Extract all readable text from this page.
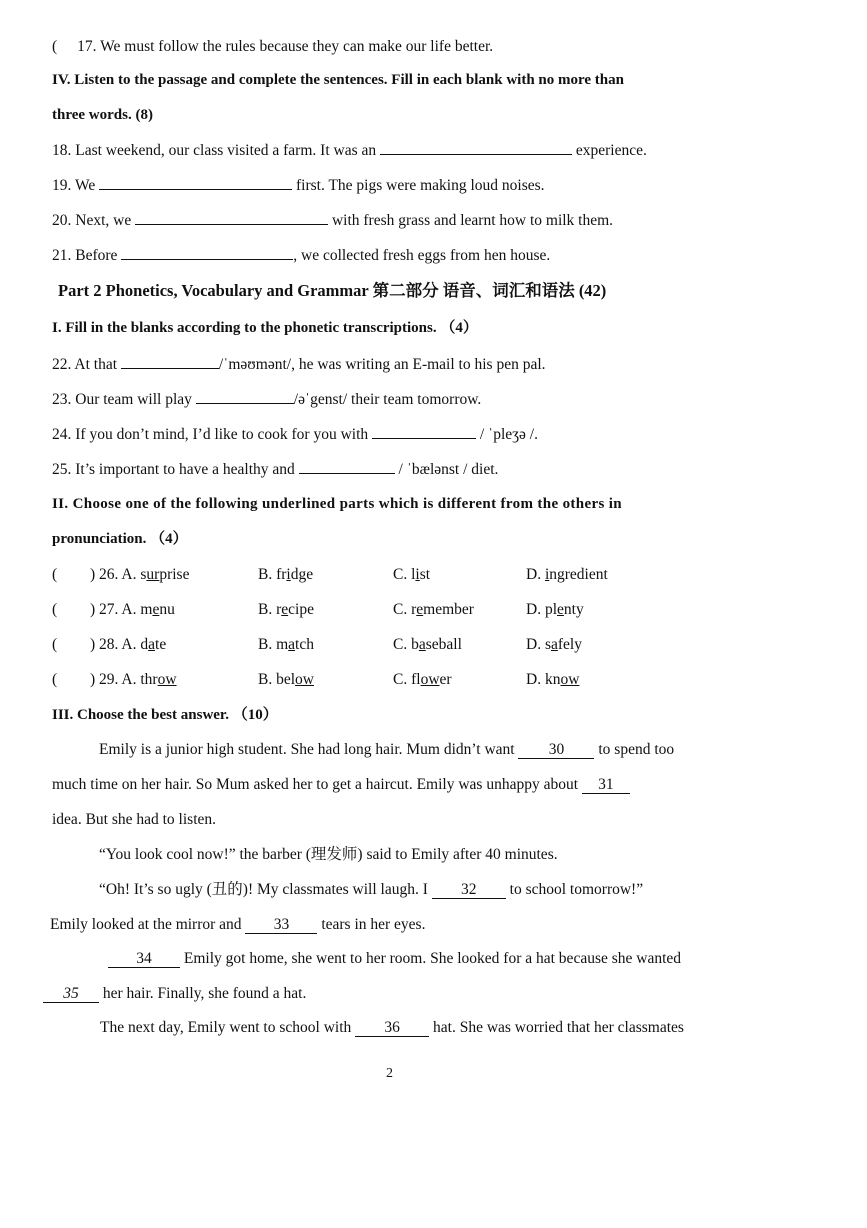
( 17. We must follow the rules because they can make our life better.
IV. Listen to the passage and complete the sentences. Fill in each blank with no more than
three words. (8)
18. Last weekend, our class visited a farm. It was an	experience.
19. We	first. The pigs were making loud noises.
20. Next, we	with fresh grass and learnt how to milk them.
21. Before	, we collected fresh eggs from hen house.
Part 2 Phonetics, Vocabulary and Grammar 第二部分 语音、词汇和语法 (42)
I. Fill in the blanks according to the phonetic transcriptions. （4）
22. At that	/ˈməʊmənt/, he was writing an E-mail to his pen pal.
23. Our team will play	/əˈgenst/ their team tomorrow.
24. If you don’t mind, I’d like to cook for you with	/ ˈpleʒə /.
25. It’s important to have a healthy and	/ ˈbælənst / diet.
II. Choose one of the following underlined parts which is different from the others in
pronunciation. （4）
( ) 26. A. surprise	B. fridge	C. list	D. ingredient
( ) 27. A. menu	B. recipe	C. remember	D. plenty
( ) 28. A. date	B. match	C. baseball	D. safely
( ) 29. A. throw	B. below	C. flower	D. know
III. Choose the best answer. （10）
Emily is a junior high student. She had long hair. Mum didn’t want 30 to spend too
much time on her hair. So Mum asked her to get a haircut. Emily was unhappy about 31
idea. But she had to listen.
“You look cool now!” the barber (理发师) said to Emily after 40 minutes.
“Oh! It’s so ugly (丑的)! My classmates will laugh. I 32 to school tomorrow!”
Emily looked at the mirror and 33 tears in her eyes.
34 Emily got home, she went to her room. She looked for a hat because she wanted
35 her hair. Finally, she found a hat.
The next day, Emily went to school with 36 hat. She was worried that her classmates
2
